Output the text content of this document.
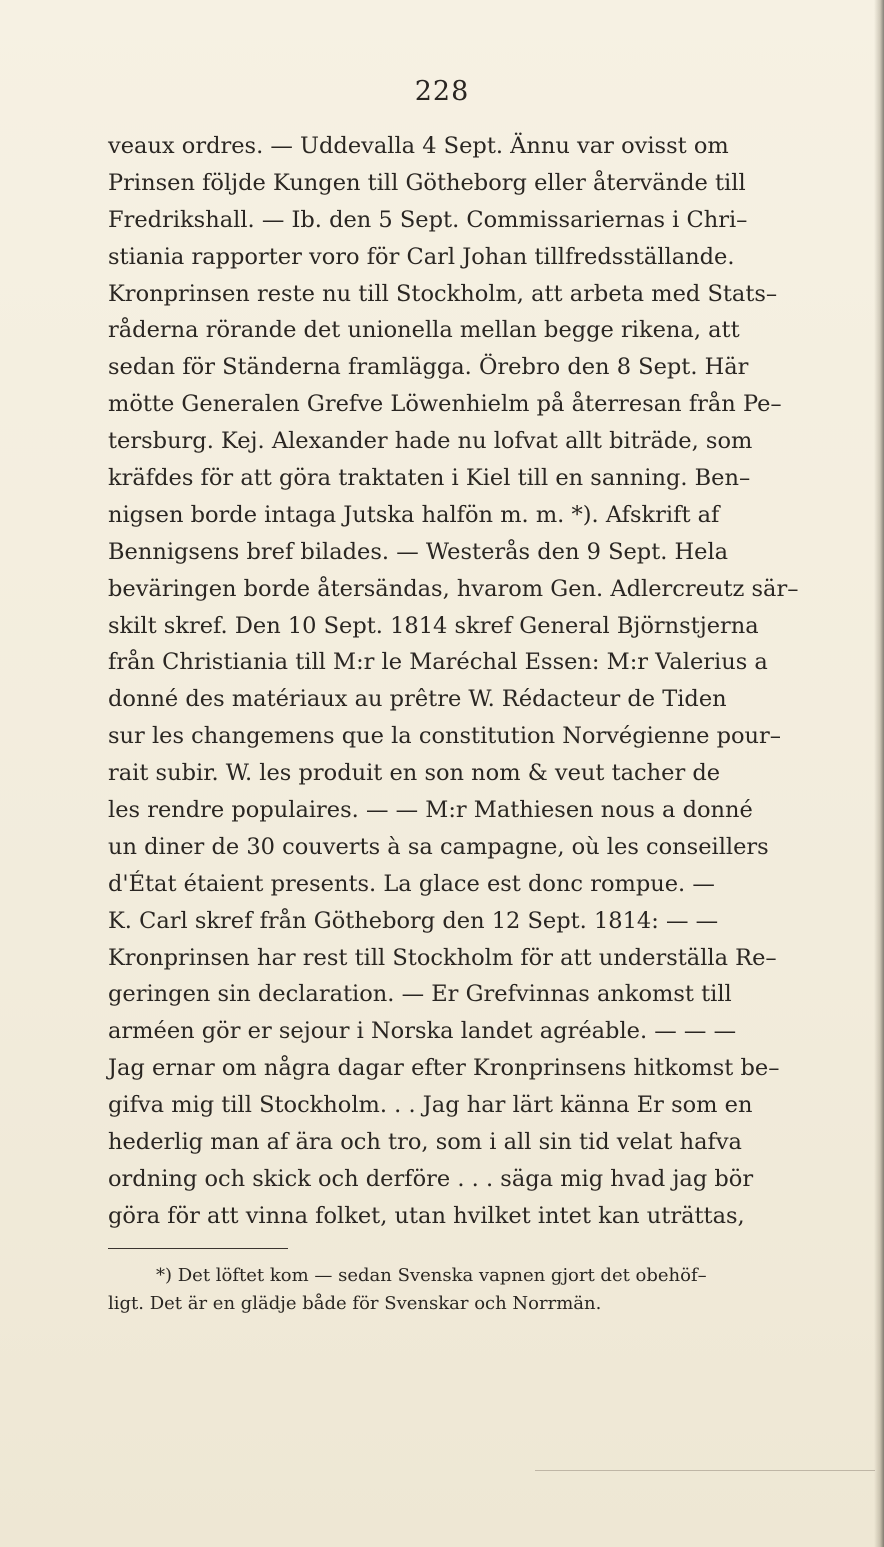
228
veaux ordres. — Uddevalla 4 Sept. Ännu var ovisst om
Prinsen följde Kungen till Götheborg eller återvände till
Fredrikshall. — Ib. den 5 Sept. Commissariernas i Chri–
stiania rapporter voro för Carl Johan tillfredsställande.
Kronprinsen reste nu till Stockholm, att arbeta med Stats–
råderna rörande det unionella mellan begge rikena, att
sedan för Ständerna framlägga. Örebro den 8 Sept. Här
mötte Generalen Grefve Löwenhielm på återresan från Pe–
tersburg. Kej. Alexander hade nu lofvat allt biträde, som
kräfdes för att göra traktaten i Kiel till en sanning. Ben–
nigsen borde intaga Jutska halfön m. m. *). Afskrift af
Bennigsens bref bilades. — Westerås den 9 Sept. Hela
beväringen borde återsändas, hvarom Gen. Adlercreutz sär–
skilt skref. Den 10 Sept. 1814 skref General Björnstjerna
från Christiania till M:r le Maréchal Essen: M:r Valerius a
donné des matériaux au prêtre W. Rédacteur de Tiden
sur les changemens que la constitution Norvégienne pour–
rait subir. W. les produit en son nom & veut tacher de
les rendre populaires. — — M:r Mathiesen nous a donné
un diner de 30 couverts à sa campagne, où les conseillers
d'État étaient presents. La glace est donc rompue. —
K. Carl skref från Götheborg den 12 Sept. 1814: — —
Kronprinsen har rest till Stockholm för att underställa Re–
geringen sin declaration. — Er Grefvinnas ankomst till
arméen gör er sejour i Norska landet agréable. — — —
Jag ernar om några dagar efter Kronprinsens hitkomst be–
gifva mig till Stockholm. . . Jag har lärt känna Er som en
hederlig man af ära och tro, som i all sin tid velat hafva
ordning och skick och derföre . . . säga mig hvad jag bör
göra för att vinna folket, utan hvilket intet kan uträttas,
*) Det löftet kom — sedan Svenska vapnen gjort det obehöf–
ligt. Det är en glädje både för Svenskar och Norrmän.
